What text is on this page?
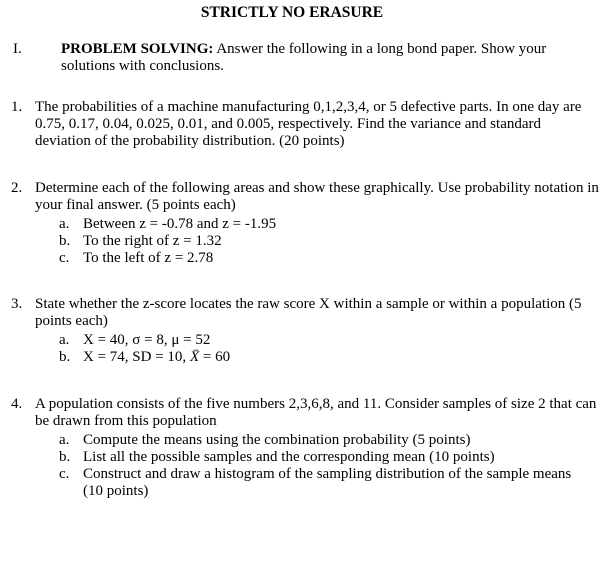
STRICTLY NO ERASURE
I.	PROBLEM SOLVING: Answer the following in a long bond paper. Show your solutions with conclusions.
1. The probabilities of a machine manufacturing 0,1,2,3,4, or 5 defective parts. In one day are 0.75, 0.17, 0.04, 0.025, 0.01, and 0.005, respectively. Find the variance and standard deviation of the probability distribution. (20 points)
2. Determine each of the following areas and show these graphically. Use probability notation in your final answer. (5 points each)
a. Between z = -0.78 and z = -1.95
b. To the right of z = 1.32
c. To the left of z = 2.78
3. State whether the z-score locates the raw score X within a sample or within a population (5 points each)
a. X = 40, σ = 8, μ = 52
b. X = 74, SD = 10, X̄ = 60
4. A population consists of the five numbers 2,3,6,8, and 11. Consider samples of size 2 that can be drawn from this population
a. Compute the means using the combination probability (5 points)
b. List all the possible samples and the corresponding mean (10 points)
c. Construct and draw a histogram of the sampling distribution of the sample means (10 points)
